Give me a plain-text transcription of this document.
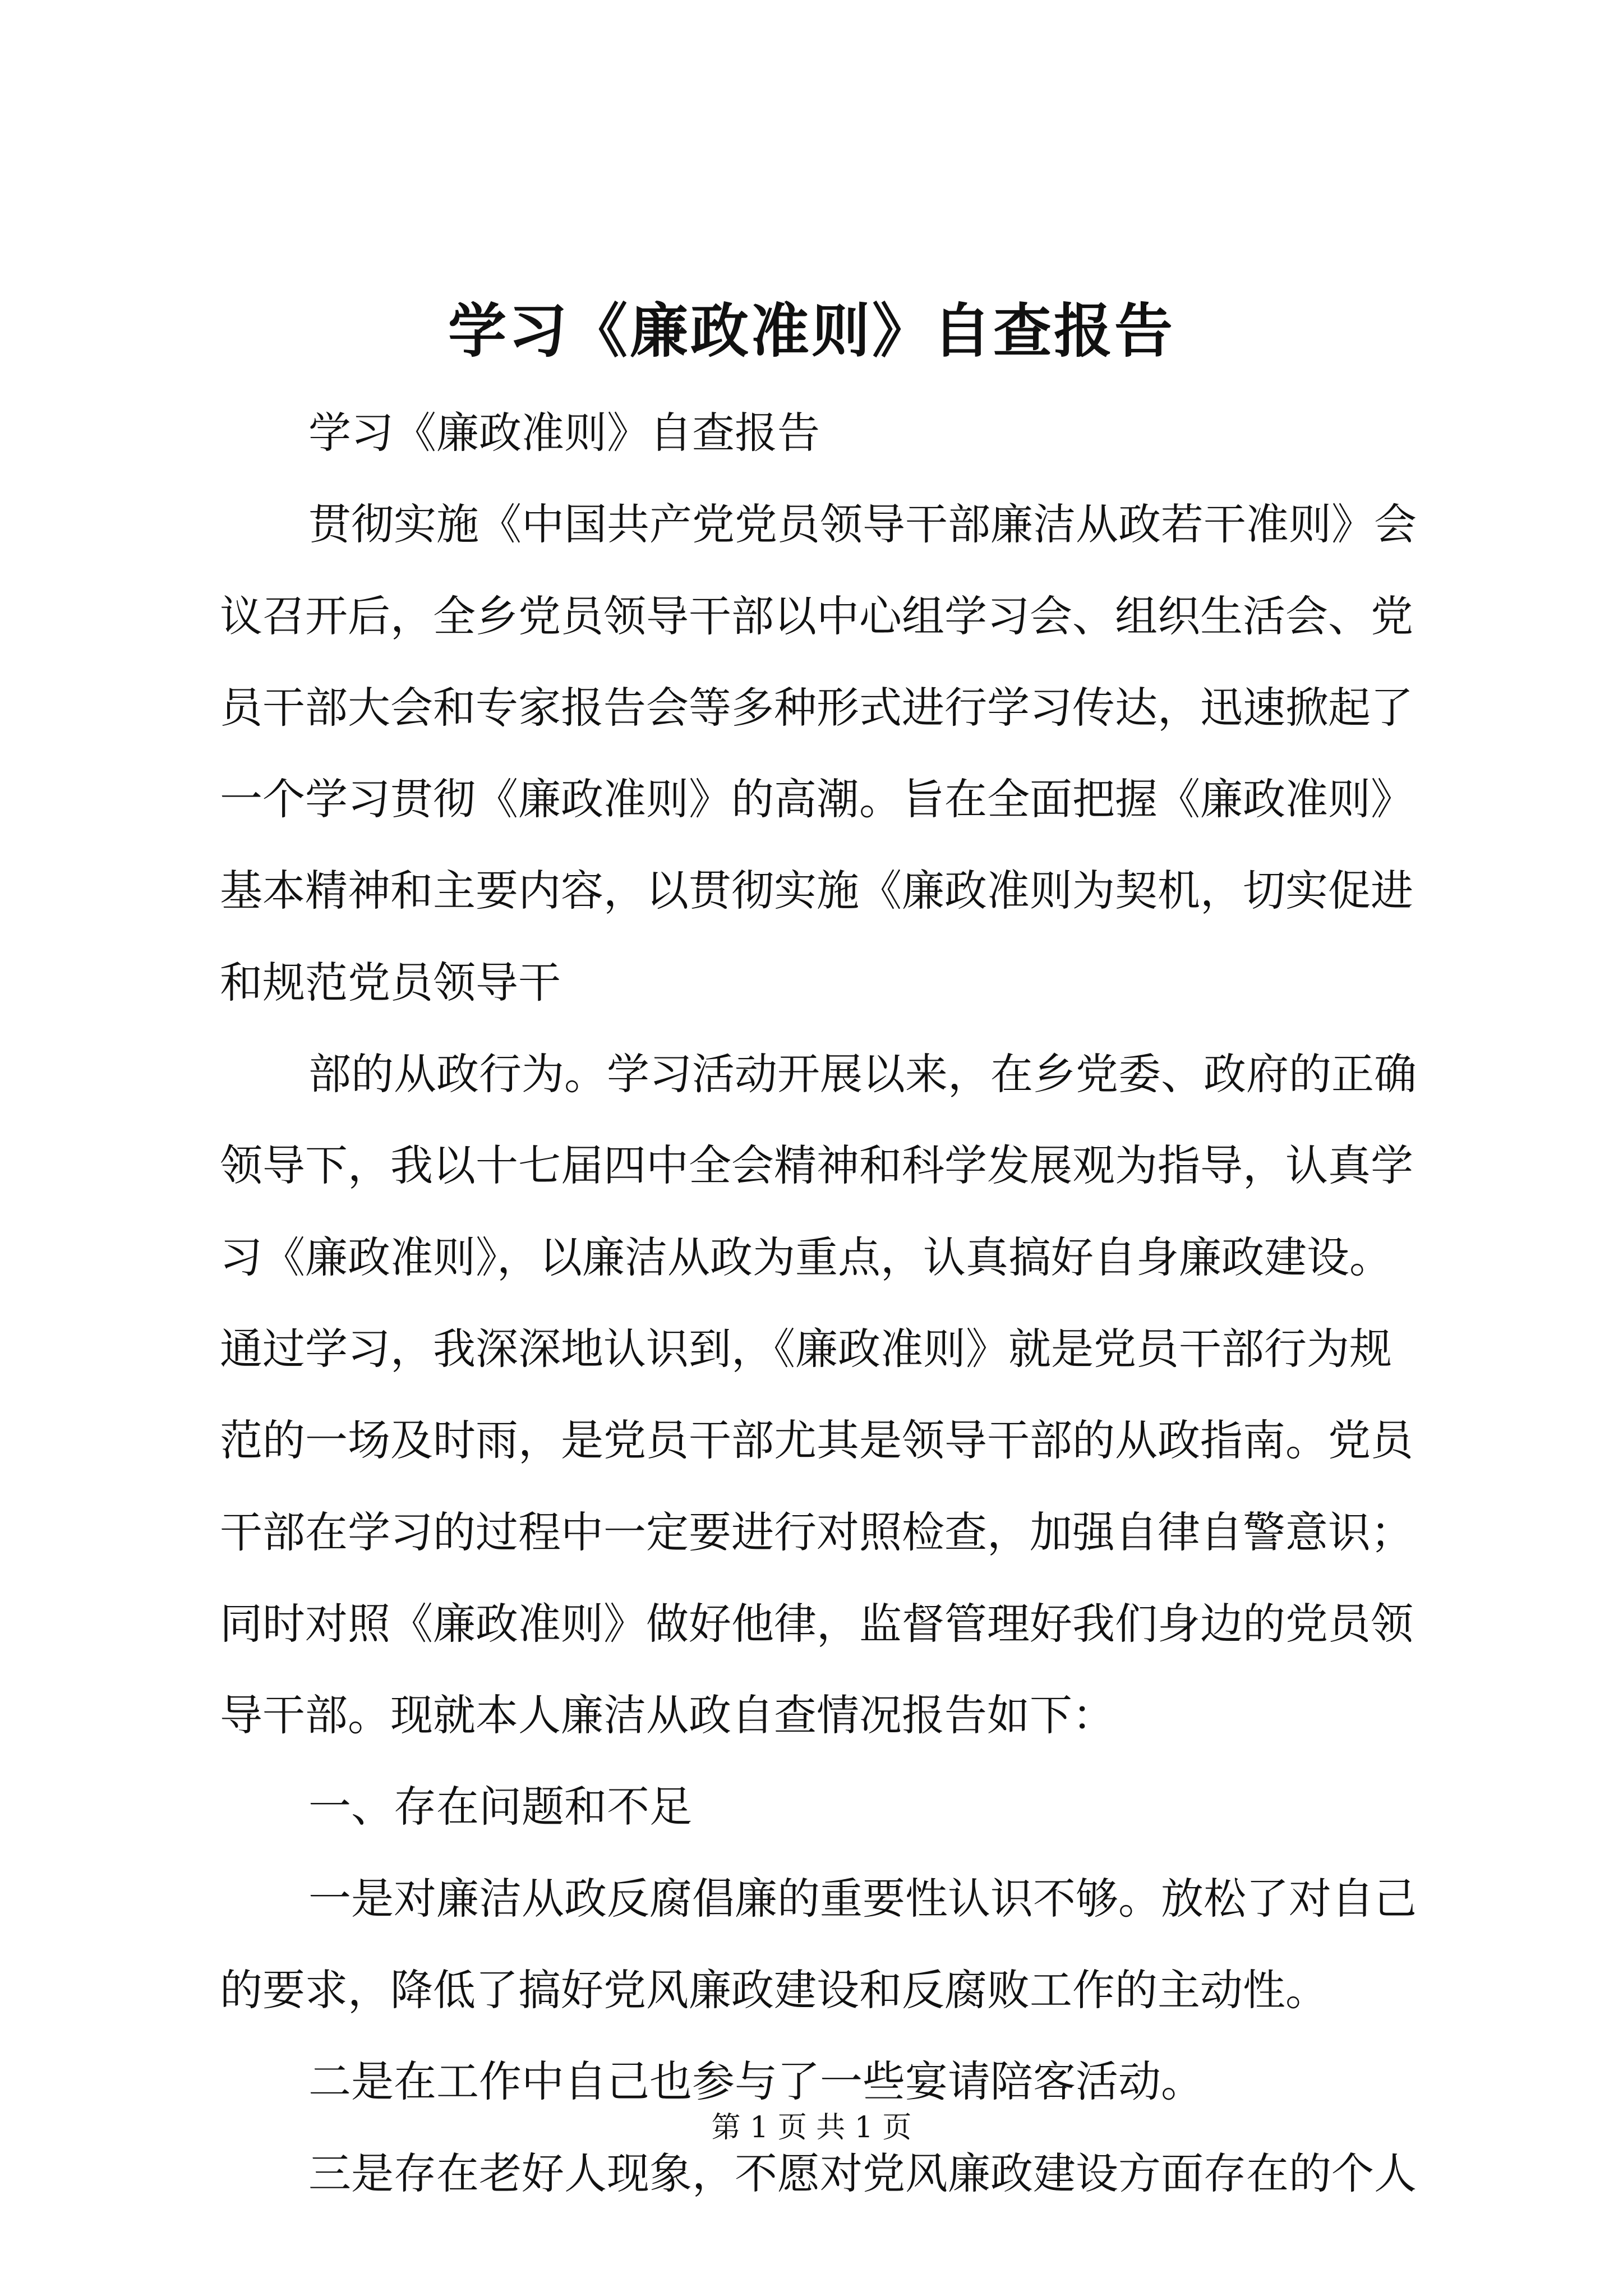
学习《廉政准则》自查报告
学习《廉政准则》自查报告
贯彻实施《中国共产党党员领导干部廉洁从政若干准则》会
议召开后，全乡党员领导干部以中心组学习会、组织生活会、党
员干部大会和专家报告会等多种形式进行学习传达，迅速掀起了
一个学习贯彻《廉政准则》的高潮。旨在全面把握《廉政准则》
基本精神和主要内容，以贯彻实施《廉政准则为契机，切实促进
和规范党员领导干
部的从政行为。学习活动开展以来，在乡党委、政府的正确
领导下，我以十七届四中全会精神和科学发展观为指导，认真学
习《廉政准则》，以廉洁从政为重点，认真搞好自身廉政建设。
通过学习，我深深地认识到，《廉政准则》就是党员干部行为规
范的一场及时雨，是党员干部尤其是领导干部的从政指南。党员
干部在学习的过程中一定要进行对照检查，加强自律自警意识；
同时对照《廉政准则》做好他律，监督管理好我们身边的党员领
导干部。现就本人廉洁从政自查情况报告如下：
一、存在问题和不足
一是对廉洁从政反腐倡廉的重要性认识不够。放松了对自己
的要求，降低了搞好党风廉政建设和反腐败工作的主动性。
二是在工作中自己也参与了一些宴请陪客活动。
三是存在老好人现象，不愿对党风廉政建设方面存在的个人
第 1 页 共 1 页
